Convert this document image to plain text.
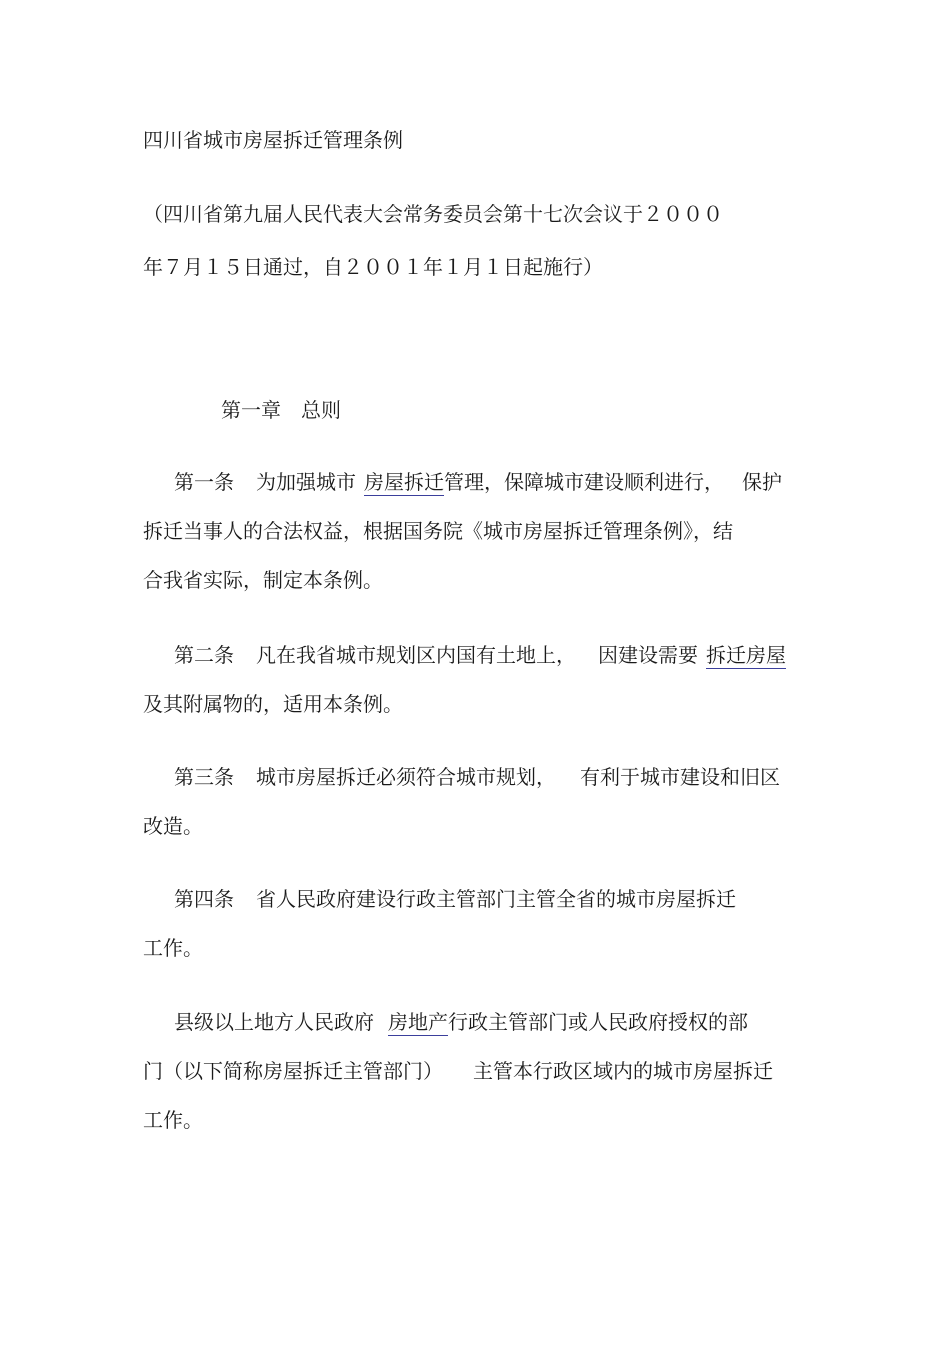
四川省城市房屋拆迁管理条例
（四川省第九届人民代表大会常务委员会第十七次会议于２０００
年７月１５日通过，自２００１年１月１日起施行）
第一章　总则
第一条 为加强城市 房屋拆迁管理，保障城市建设顺利进行， 保护
拆迁当事人的合法权益，根据国务院《城市房屋拆迁管理条例》，结
合我省实际，制定本条例。
第二条 凡在我省城市规划区内国有土地上， 因建设需要 拆迁房屋
及其附属物的，适用本条例。
第三条 城市房屋拆迁必须符合城市规划， 有利于城市建设和旧区
改造。
第四条 省人民政府建设行政主管部门主管全省的城市房屋拆迁
工作。
县级以上地方人民政府 房地产行政主管部门或人民政府授权的部
门（以下简称房屋拆迁主管部门） 主管本行政区域内的城市房屋拆迁
工作。
